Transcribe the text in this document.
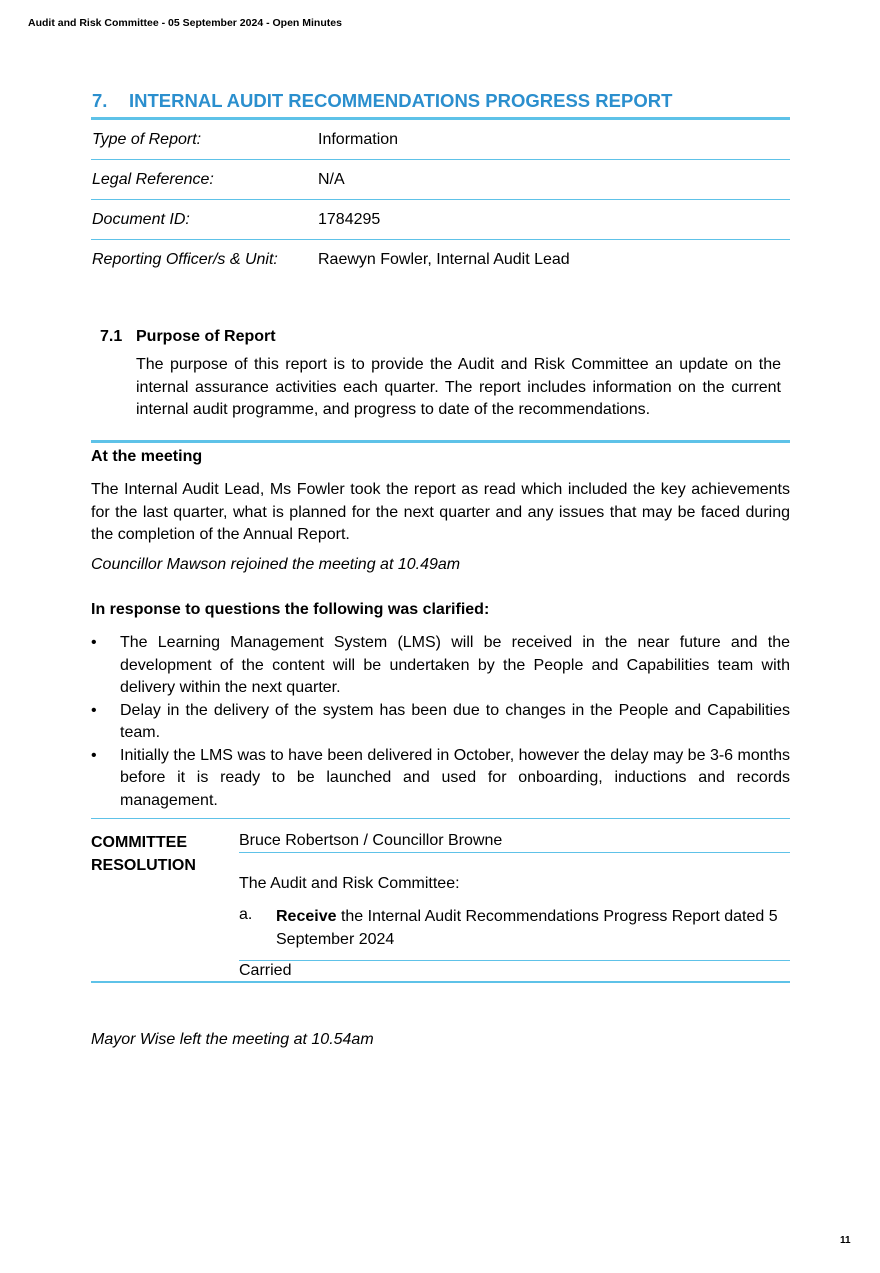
Audit and Risk Committee - 05 September 2024 - Open Minutes
7. INTERNAL AUDIT RECOMMENDATIONS PROGRESS REPORT
Type of Report:	Information
Legal Reference:	N/A
Document ID:	1784295
Reporting Officer/s & Unit:	Raewyn Fowler, Internal Audit Lead
7.1 Purpose of Report
The purpose of this report is to provide the Audit and Risk Committee an update on the internal assurance activities each quarter. The report includes information on the current internal audit programme, and progress to date of the recommendations.
At the meeting
The Internal Audit Lead, Ms Fowler took the report as read which included the key achievements for the last quarter, what is planned for the next quarter and any issues that may be faced during the completion of the Annual Report.
Councillor Mawson rejoined the meeting at 10.49am
In response to questions the following was clarified:
• The Learning Management System (LMS) will be received in the near future and the development of the content will be undertaken by the People and Capabilities team with delivery within the next quarter.
• Delay in the delivery of the system has been due to changes in the People and Capabilities team.
• Initially the LMS was to have been delivered in October, however the delay may be 3-6 months before it is ready to be launched and used for onboarding, inductions and records management.
COMMITTEE
RESOLUTION
Bruce Robertson / Councillor Browne
The Audit and Risk Committee:
a. Receive the Internal Audit Recommendations Progress Report dated 5 September 2024
Carried
Mayor Wise left the meeting at 10.54am
11
